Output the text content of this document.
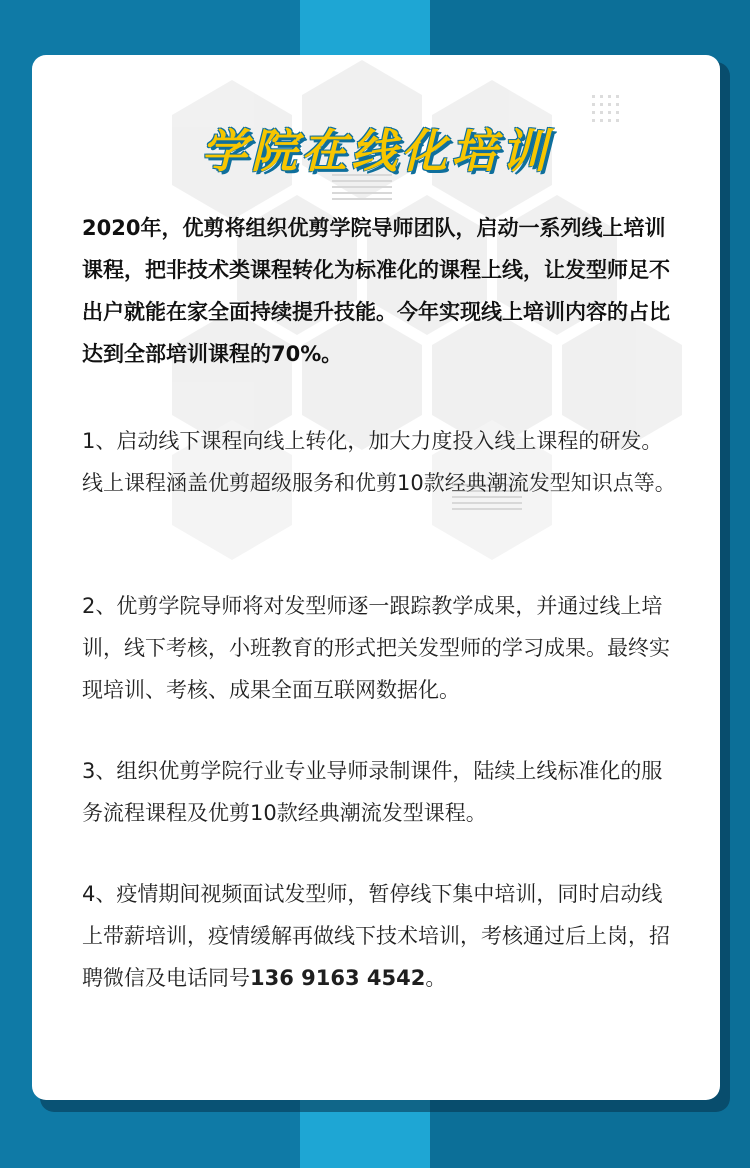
学院在线化培训

2020年，优剪将组织优剪学院导师团队，启动一系列线上培训课程，把非技术类课程转化为标准化的课程上线，让发型师足不出户就能在家全面持续提升技能。今年实现线上培训内容的占比达到全部培训课程的70%。

1、启动线下课程向线上转化，加大力度投入线上课程的研发。线上课程涵盖优剪超级服务和优剪10款经典潮流发型知识点等。

2、优剪学院导师将对发型师逐一跟踪教学成果，并通过线上培训，线下考核，小班教育的形式把关发型师的学习成果。最终实现培训、考核、成果全面互联网数据化。

3、组织优剪学院行业专业导师录制课件，陆续上线标准化的服务流程课程及优剪10款经典潮流发型课程。

4、疫情期间视频面试发型师，暂停线下集中培训，同时启动线上带薪培训，疫情缓解再做线下技术培训，考核通过后上岗，招聘微信及电话同号136 9163 4542。
